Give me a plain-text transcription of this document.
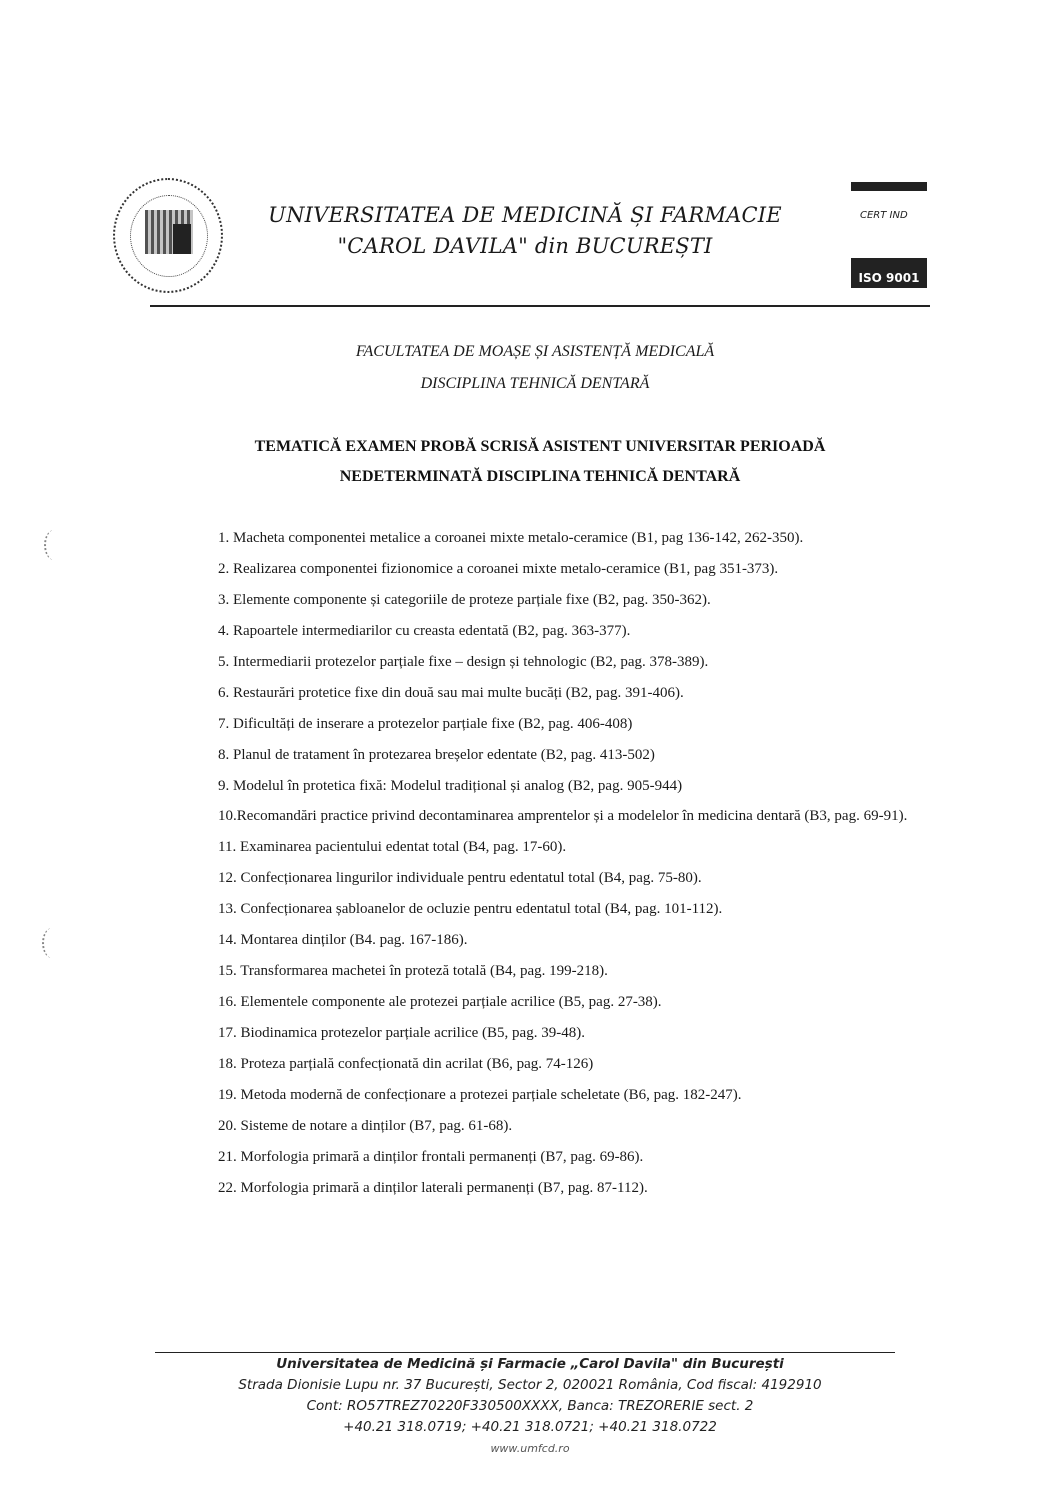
UNIVERSITATEA DE MEDICINĂ ȘI FARMACIE
"CAROL DAVILA" din BUCUREȘTI
CERT IND
ISO 9001
FACULTATEA DE MOAȘE ȘI ASISTENȚĂ MEDICALĂ
DISCIPLINA TEHNICĂ DENTARĂ
TEMATICĂ EXAMEN PROBĂ SCRISĂ ASISTENT UNIVERSITAR PERIOADĂ
NEDETERMINATĂ DISCIPLINA TEHNICĂ DENTARĂ
1. Macheta componentei metalice a coroanei mixte metalo-ceramice (B1, pag 136-142, 262-350).
2. Realizarea componentei fizionomice a coroanei mixte metalo-ceramice (B1, pag 351-373).
3. Elemente componente și categoriile de proteze parțiale fixe (B2, pag. 350-362).
4. Rapoartele intermediarilor cu creasta edentată (B2, pag. 363-377).
5. Intermediarii protezelor parțiale fixe – design și tehnologic (B2, pag. 378-389).
6. Restaurări protetice fixe din două sau mai multe bucăți (B2, pag. 391-406).
7. Dificultăți de inserare a protezelor parțiale fixe (B2, pag. 406-408)
8. Planul de tratament în protezarea breșelor edentate (B2, pag. 413-502)
9. Modelul în protetica fixă: Modelul tradițional și analog (B2, pag. 905-944)
10.Recomandări practice privind decontaminarea amprentelor și a modelelor în medicina dentară (B3, pag. 69-91).
11. Examinarea pacientului edentat total (B4, pag. 17-60).
12. Confecționarea lingurilor individuale pentru edentatul total (B4, pag. 75-80).
13. Confecționarea șabloanelor de ocluzie pentru edentatul total (B4, pag. 101-112).
14. Montarea dinților (B4. pag. 167-186).
15. Transformarea machetei în proteză totală (B4, pag. 199-218).
16. Elementele componente ale protezei parțiale acrilice (B5, pag. 27-38).
17. Biodinamica protezelor parțiale acrilice (B5, pag. 39-48).
18. Proteza parțială confecționată din acrilat (B6, pag. 74-126)
19. Metoda modernă de confecționare a protezei parțiale scheletate (B6, pag. 182-247).
20. Sisteme de notare a dinților (B7, pag. 61-68).
21. Morfologia primară a dinților frontali permanenți (B7, pag. 69-86).
22. Morfologia primară a dinților laterali permanenți (B7, pag. 87-112).
Universitatea de Medicină și Farmacie „Carol Davila" din București
Strada Dionisie Lupu nr. 37 București, Sector 2, 020021 România, Cod fiscal: 4192910
Cont: RO57TREZ70220F330500XXXX, Banca: TREZORERIE sect. 2
+40.21 318.0719; +40.21 318.0721; +40.21 318.0722
www.umfcd.ro
